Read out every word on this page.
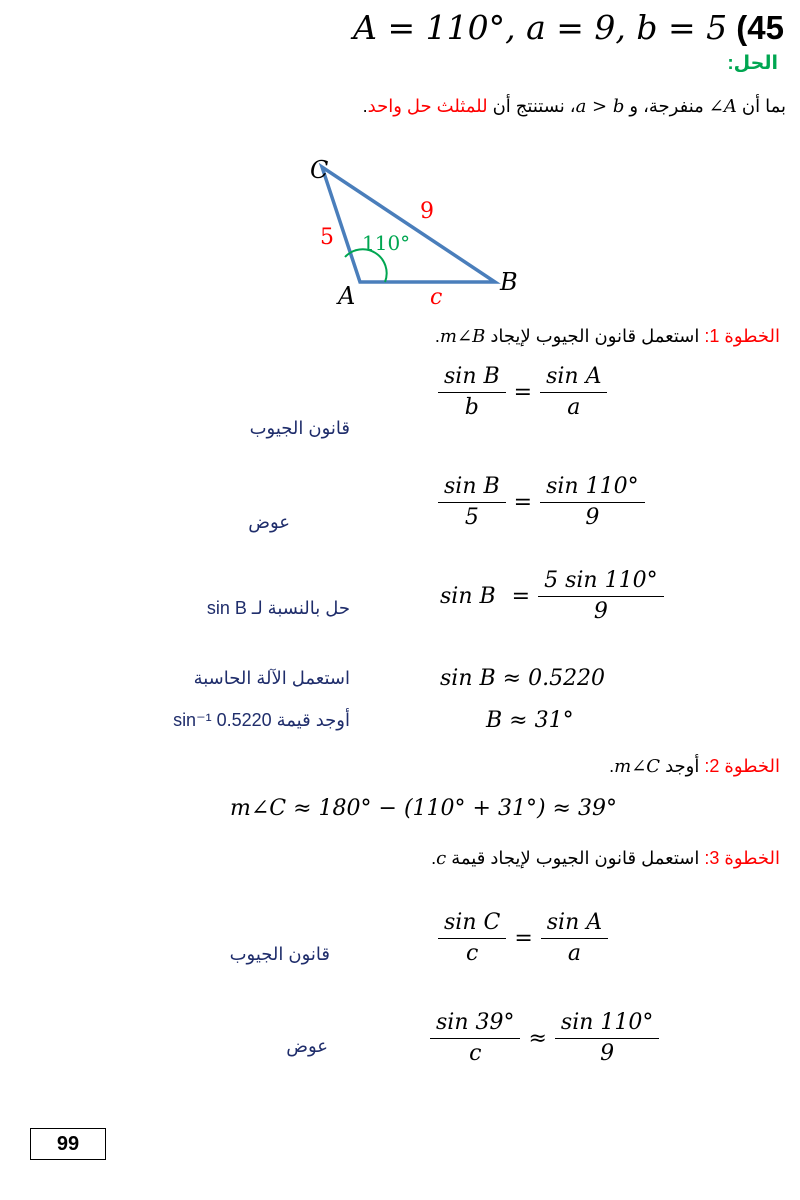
A = 110°, a = 9, b = 5 (45
الحل:
بما أن ∠A منفرجة، و a > b، نستنتج أن للمثلث حل واحد.
C
A	B
5
9
c
110°
الخطوة 1: استعمل قانون الجيوب لإيجاد m∠B.
$\frac{\text{sin B}}{b} = \frac{\text{sin A}}{a}$
قانون الجيوب
$\frac{\text{sin B}}{5} = \frac{\sin 110^\circ}{9}$
عوض
$\sin B = \frac{5 \sin 110^\circ}{9}$
حل بالنسبة لـ sin B
sin B ≈ 0.5220
استعمل الآلة الحاسبة
B ≈ 31°
أوجد قيمة sin⁻¹ 0.5220
الخطوة 2: أوجد m∠C.
m∠C ≈ 180° − (110° + 31°) ≈ 39°
الخطوة 3: استعمل قانون الجيوب لإيجاد قيمة c.
$\frac{\text{sin C}}{c} = \frac{\text{sin A}}{a}$
قانون الجيوب
$\frac{\sin 39^\circ}{c} \approx \frac{\sin 110^\circ}{9}$
عوض
99
